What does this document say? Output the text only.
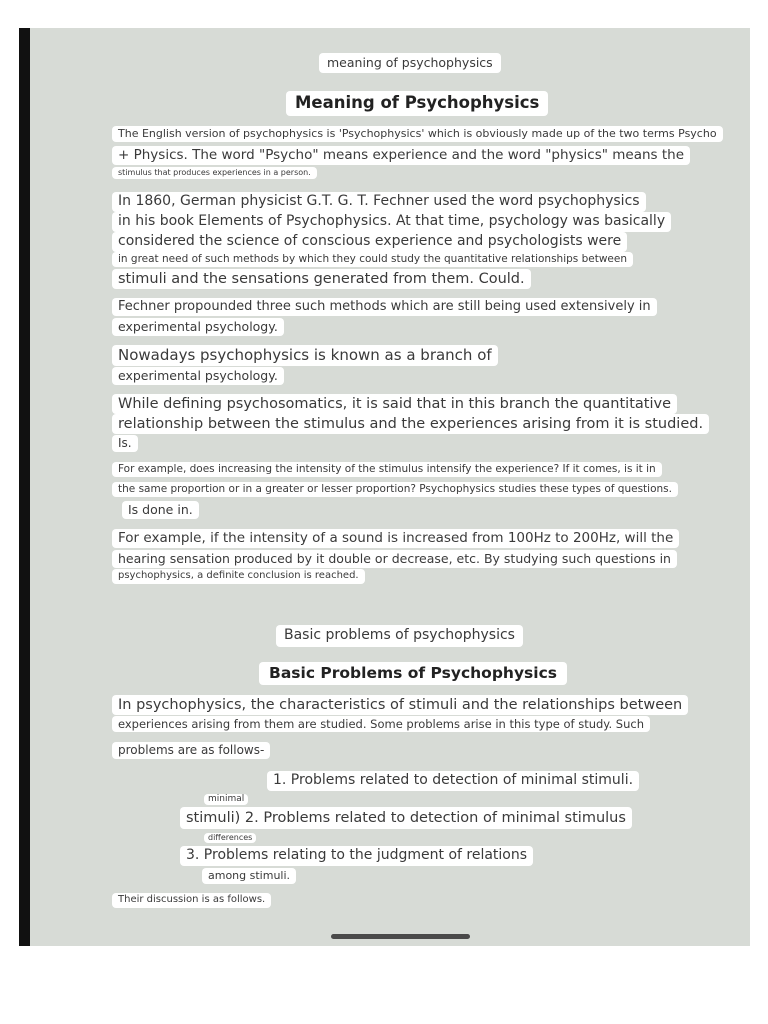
meaning of psychophysics
Meaning of Psychophysics
The English version of psychophysics is 'Psychophysics' which is obviously made up of the two terms Psycho
+ Physics. The word "Psycho" means experience and the word "physics" means the
stimulus that produces experiences in a person.
In 1860, German physicist G.T. G. T. Fechner used the word psychophysics
in his book Elements of Psychophysics. At that time, psychology was basically
considered the science of conscious experience and psychologists were
in great need of such methods by which they could study the quantitative relationships between
stimuli and the sensations generated from them. Could.
Fechner propounded three such methods which are still being used extensively in
experimental psychology.
Nowadays psychophysics is known as a branch of
experimental psychology.
While defining psychosomatics, it is said that in this branch the quantitative
relationship between the stimulus and the experiences arising from it is studied.
Is.
For example, does increasing the intensity of the stimulus intensify the experience? If it comes, is it in
the same proportion or in a greater or lesser proportion? Psychophysics studies these types of questions.
Is done in.
For example, if the intensity of a sound is increased from 100Hz to 200Hz, will the
hearing sensation produced by it double or decrease, etc. By studying such questions in
psychophysics, a definite conclusion is reached.
Basic problems of psychophysics
Basic Problems of Psychophysics
In psychophysics, the characteristics of stimuli and the relationships between
experiences arising from them are studied. Some problems arise in this type of study. Such
problems are as follows-
1. Problems related to detection of minimal stimuli.
minimal
stimuli) 2. Problems related to detection of minimal stimulus
differences
3. Problems relating to the judgment of relations
among stimuli.
Their discussion is as follows.
